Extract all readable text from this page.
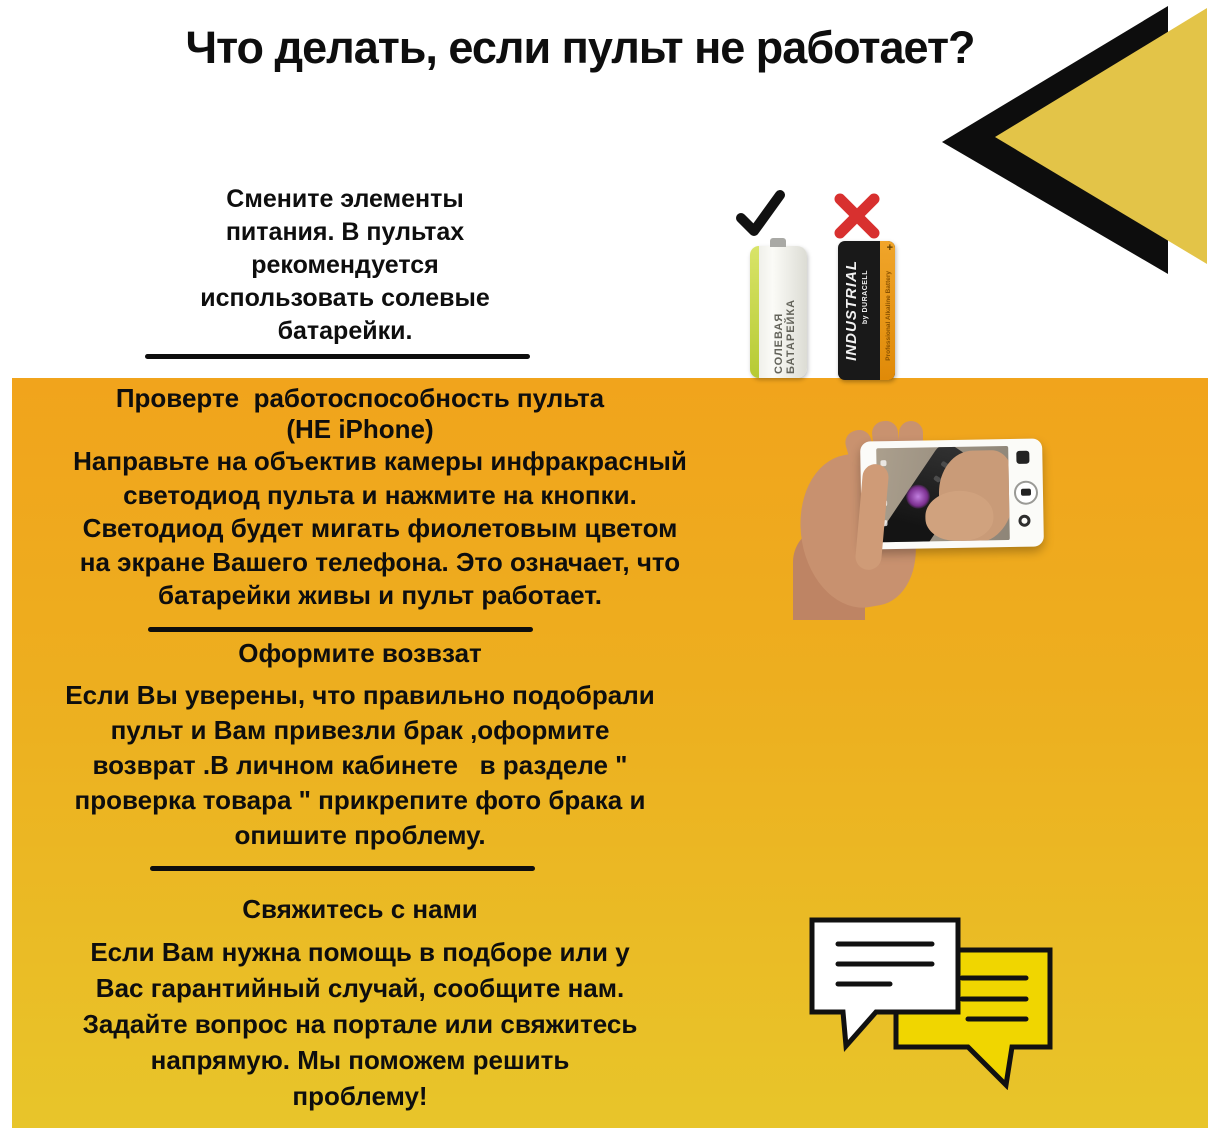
Что делать, если пульт не работает?
Смените элементы
питания. В пультах
рекомендуется
использовать солевые
батарейки.	СОЛЕВАЯ БАТАРЕЙКА
+
Professional Alkaline Battery
INDUSTRIAL by DURACELL
Проверте  работоспособность пульта
(НЕ iPhone)
Направьте на объектив камеры инфракрасный
светодиод пульта и нажмите на кнопки.
Светодиод будет мигать фиолетовым цветом
на экране Вашего телефона. Это означает, что
батарейки живы и пульт работает.
Оформите возвзат
Если Вы уверены, что правильно подобрали
пульт и Вам привезли брак ,оформите
возврат .В личном кабинете   в разделе "
проверка товара " прикрепите фото брака и
опишите проблему.
Свяжитесь с нами
Если Вам нужна помощь в подборе или у
Вас гарантийный случай, сообщите нам.
Задайте вопрос на портале или свяжитесь
напрямую. Мы поможем решить
проблему!
